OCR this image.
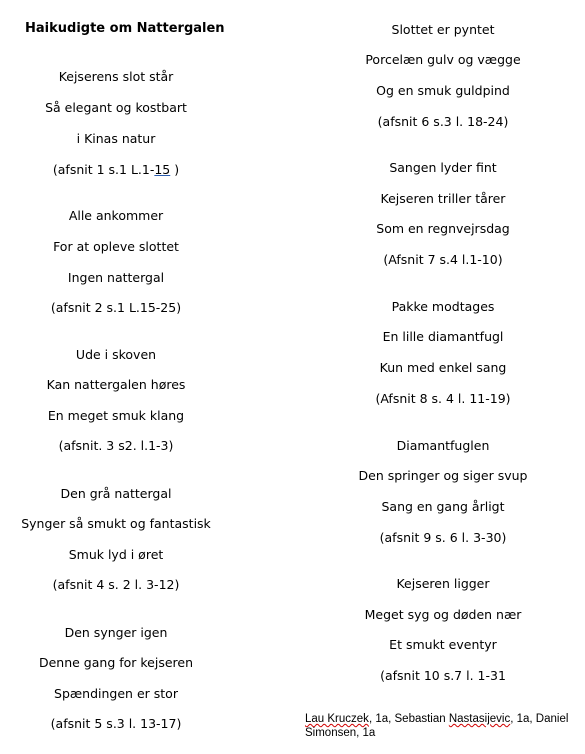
Haikudigte om Nattergalen
Kejserens slot står
Så elegant og kostbart
i Kinas natur
(afsnit 1 s.1 L.1-15 )
Alle ankommer
For at opleve slottet
Ingen nattergal
(afsnit 2 s.1 L.15-25)
Ude i skoven
Kan nattergalen høres
En meget smuk klang
(afsnit. 3 s2. l.1-3)
Den grå nattergal
Synger så smukt og fantastisk
Smuk lyd i øret
(afsnit 4 s. 2 l. 3-12)
Den synger igen
Denne gang for kejseren
Spændingen er stor
(afsnit 5 s.3 l. 13-17)
Slottet er pyntet
Porcelæn gulv og vægge
Og en smuk guldpind
(afsnit 6 s.3 l. 18-24)
Sangen lyder fint
Kejseren triller tårer
Som en regnvejrsdag
(Afsnit 7 s.4 l.1-10)
Pakke modtages
En lille diamantfugl
Kun med enkel sang
(Afsnit 8 s. 4 l. 11-19)
Diamantfuglen
Den springer og siger svup
Sang en gang årligt
(afsnit 9 s. 6 l. 3-30)
Kejseren ligger
Meget syg og døden nær
Et smukt eventyr
(afsnit 10 s.7 l. 1-31
Lau Kruczek, 1a, Sebastian Nastasijevic, 1a, Daniel Simonsen, 1a
